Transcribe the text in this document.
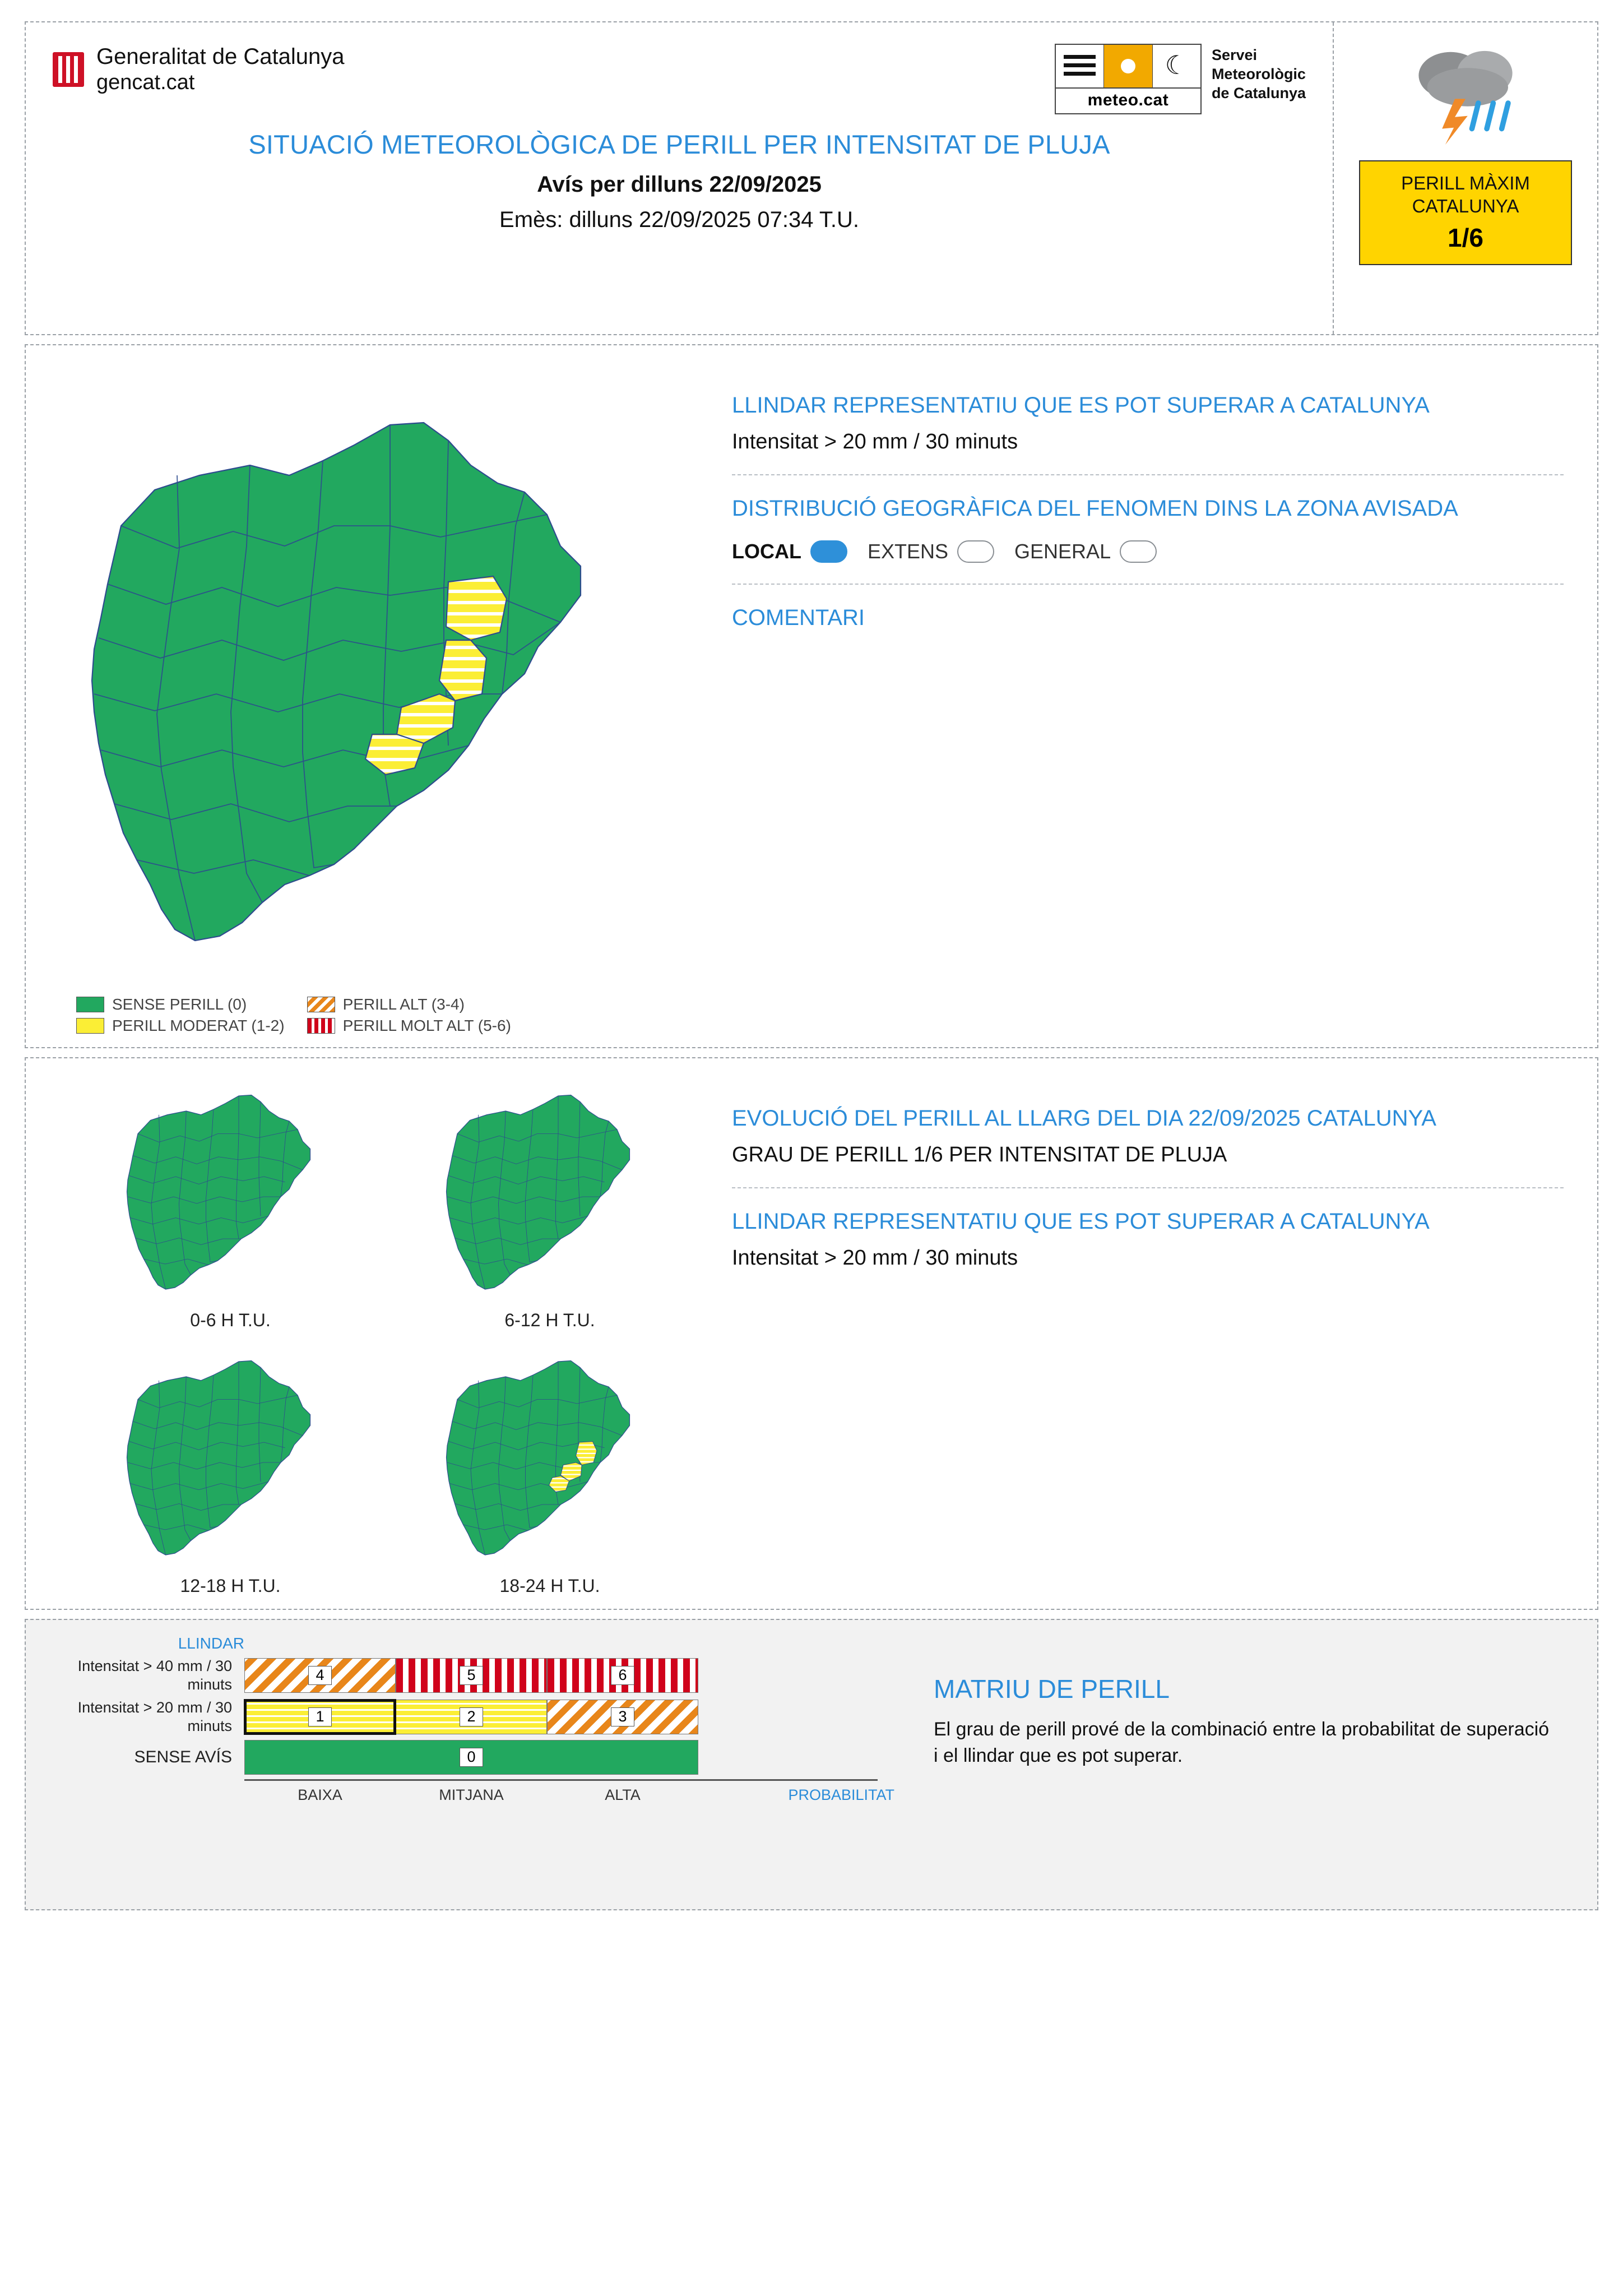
Generalitat de Catalunya
gencat.cat
☾
meteo.cat
Servei
Meteorològic
de Catalunya
SITUACIÓ METEOROLÒGICA DE PERILL PER INTENSITAT DE PLUJA
Avís per dilluns 22/09/2025
Emès: dilluns 22/09/2025 07:34 T.U.
PERILL MÀXIM
CATALUNYA
1/6
SENSE PERILL (0)
PERILL MODERAT (1-2)
PERILL ALT (3-4)
PERILL MOLT ALT (5-6)
LLINDAR REPRESENTATIU QUE ES POT SUPERAR A CATALUNYA
Intensitat > 20 mm / 30 minuts
DISTRIBUCIÓ GEOGRÀFICA DEL FENOMEN DINS LA ZONA AVISADA
LOCAL	EXTENS	GENERAL
COMENTARI
0-6 H T.U.	6-12 H T.U.
12-18 H T.U.	18-24 H T.U.
EVOLUCIÓ DEL PERILL AL LLARG DEL DIA 22/09/2025 CATALUNYA
GRAU DE PERILL 1/6 PER INTENSITAT DE PLUJA
LLINDAR REPRESENTATIU QUE ES POT SUPERAR A CATALUNYA
Intensitat > 20 mm / 30 minuts
LLINDAR
Intensitat > 40 mm / 30 minuts
4	5	6
Intensitat > 20 mm / 30 minuts
1	2	3
SENSE AVÍS	0
BAIXA	MITJANA	ALTA	PROBABILITAT
MATRIU DE PERILL
El grau de perill prové de la combinació entre la probabilitat de superació i el llindar que es pot superar.
